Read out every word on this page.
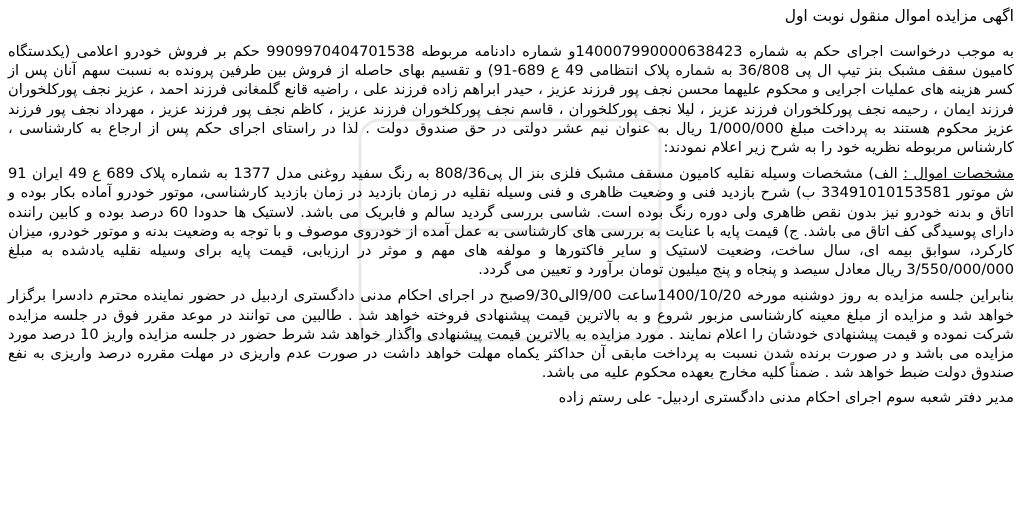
اگهی مزایده اموال منقول نوبت اول

به موجب درخواست اجرای حکم به شماره 14000799000063842‌3و شماره دادنامه مربوطه 9909970404701538 حکم بر فروش خودرو اعلامی (یکدستگاه کامیون سقف مشبک بنز تیپ ال پی 36/808 به شماره پلاک انتظامی 49 ع 689-91) و تقسیم بهای حاصله از فروش بین طرفین پرونده به نسبت سهم آنان پس از کسر هزینه های عملیات اجرایی و محکوم علیهما محسن نجف پور فرزند عزیز ، حیدر ابراهم زاده فرزند علی ، راضیه قانع گلمغانی فرزند احمد ، عزیز نجف پورکلخوران فرزند ایمان ، رحیمه نجف پورکلخوران فرزند عزیز ، لیلا نجف پورکلخوران ، قاسم نجف پورکلخوران فرزند عزیز ، کاظم نجف پور فرزند عزیز ، مهرداد نجف پور فرزند عزیز محکوم هستند به پرداخت مبلغ 1/000/000 ریال به عنوان نیم عشر دولتی در حق صندوق دولت . لذا در راستای اجرای حکم پس از ارجاع به کارشناسی ، کارشناس مربوطه نظریه خود را به شرح زیر اعلام نمودند:

مشخصات اموال : الف) مشخصات وسیله نقلیه کامیون مسقف مشبک فلزی بنز ال پی808/36 به رنگ سفید روغنی مدل 1377 به شماره پلاک 689 ع 49 ایران 91 ش موتور 33491010153581 ب) شرح بازدید فنی و وضعیت ظاهری و فنی وسیله نقلیه در زمان بازدید در زمان بازدید کارشناسی، موتور خودرو آماده بکار بوده و اتاق و بدنه خودرو نیز بدون نقص ظاهری ولی دوره رنگ بوده است. شاسی بررسی گردید سالم و فابریک می باشد. لاستیک ها حدودا 60 درصد بوده و کابین راننده دارای پوسیدگی کف اتاق می باشد. ج) قیمت پایه با عنایت به بررسی های کارشناسی به عمل آمده از خودروی موصوف و با توجه به وضعیت بدنه و موتور خودرو، میزان کارکرد، سوابق بیمه ای، سال ساخت، وضعیت لاستیک و سایر فاکتورها و مولفه های مهم و موثر در ارزیابی، قیمت پایه برای وسیله نقلیه یادشده به مبلغ 3/550/000/000 ریال معادل سیصد و پنجاه و پنج میلیون تومان برآورد و تعیین می گردد.

بنابراین جلسه مزایده به روز دوشنبه مورخه 1400/10/20ساعت 9/00الی9/30صبح در اجرای احکام مدنی دادگستری اردبیل در حضور نماینده محترم دادسرا برگزار خواهد شد و مزایده از مبلغ معینه کارشناسی مزبور شروع و به بالاترین قیمت پیشنهادی فروخته خواهد شد . طالبین می توانند در موعد مقرر فوق در جلسه مزایده شرکت نموده و قیمت پیشنهادی خودشان را اعلام نمایند . مورد مزایده به بالاترین قیمت پیشنهادی واگذار خواهد شد شرط حضور در جلسه مزایده واریز 10 درصد مورد مزایده می باشد و در صورت برنده شدن نسبت به پرداخت مابقی آن حداکثر یکماه مهلت خواهد داشت در صورت عدم واریزی در مهلت مقرره درصد واریزی به نفع صندوق دولت ضبط خواهد شد . ضمناً کلیه مخارج بعهده محکوم علیه می باشد.

مدیر دفتر شعبه سوم اجرای احکام مدنی دادگستری اردبیل- علی رستم زاده
